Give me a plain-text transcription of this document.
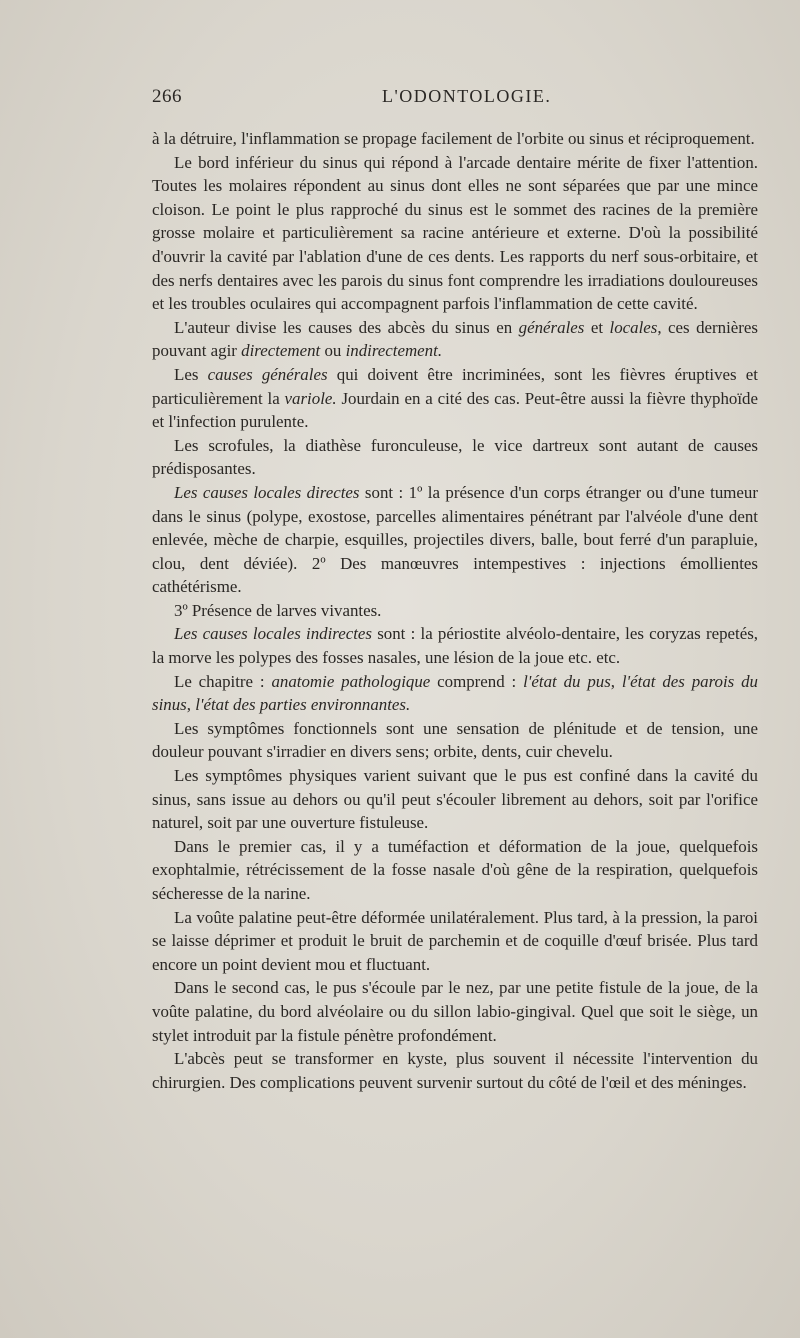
266	L'ODONTOLOGIE.

à la détruire, l'inflammation se propage facilement de l'orbite ou sinus et réciproquement.

Le bord inférieur du sinus qui répond à l'arcade dentaire mérite de fixer l'attention. Toutes les molaires répondent au sinus dont elles ne sont séparées que par une mince cloison. Le point le plus rapproché du sinus est le sommet des racines de la première grosse molaire et particulièrement sa racine antérieure et externe. D'où la possibilité d'ouvrir la cavité par l'ablation d'une de ces dents. Les rapports du nerf sous-orbitaire, et des nerfs dentaires avec les parois du sinus font comprendre les irradiations douloureuses et les troubles oculaires qui accompagnent parfois l'inflammation de cette cavité.

L'auteur divise les causes des abcès du sinus en générales et locales, ces dernières pouvant agir directement ou indirectement.

Les causes générales qui doivent être incriminées, sont les fièvres éruptives et particulièrement la variole. Jourdain en a cité des cas. Peut-être aussi la fièvre thyphoïde et l'infection purulente.

Les scrofules, la diathèse furonculeuse, le vice dartreux sont autant de causes prédisposantes.

Les causes locales directes sont : 1º la présence d'un corps étranger ou d'une tumeur dans le sinus (polype, exostose, parcelles alimentaires pénétrant par l'alvéole d'une dent enlevée, mèche de charpie, esquilles, projectiles divers, balle, bout ferré d'un parapluie, clou, dent déviée). 2º Des manœuvres intempestives : injections émollientes cathétérisme.

3º Présence de larves vivantes.

Les causes locales indirectes sont : la périostite alvéolo-dentaire, les coryzas repetés, la morve les polypes des fosses nasales, une lésion de la joue etc. etc.

Le chapitre : anatomie pathologique comprend : l'état du pus, l'état des parois du sinus, l'état des parties environnantes.

Les symptômes fonctionnels sont une sensation de plénitude et de tension, une douleur pouvant s'irradier en divers sens; orbite, dents, cuir chevelu.

Les symptômes physiques varient suivant que le pus est confiné dans la cavité du sinus, sans issue au dehors ou qu'il peut s'écouler librement au dehors, soit par l'orifice naturel, soit par une ouverture fistuleuse.

Dans le premier cas, il y a tuméfaction et déformation de la joue, quelquefois exophtalmie, rétrécissement de la fosse nasale d'où gêne de la respiration, quelquefois sécheresse de la narine.

La voûte palatine peut-être déformée unilatéralement. Plus tard, à la pression, la paroi se laisse déprimer et produit le bruit de parchemin et de coquille d'œuf brisée. Plus tard encore un point devient mou et fluctuant.

Dans le second cas, le pus s'écoule par le nez, par une petite fistule de la joue, de la voûte palatine, du bord alvéolaire ou du sillon labio-gingival. Quel que soit le siège, un stylet introduit par la fistule pénètre profondément.

L'abcès peut se transformer en kyste, plus souvent il nécessite l'intervention du chirurgien. Des complications peuvent survenir surtout du côté de l'œil et des méninges.
